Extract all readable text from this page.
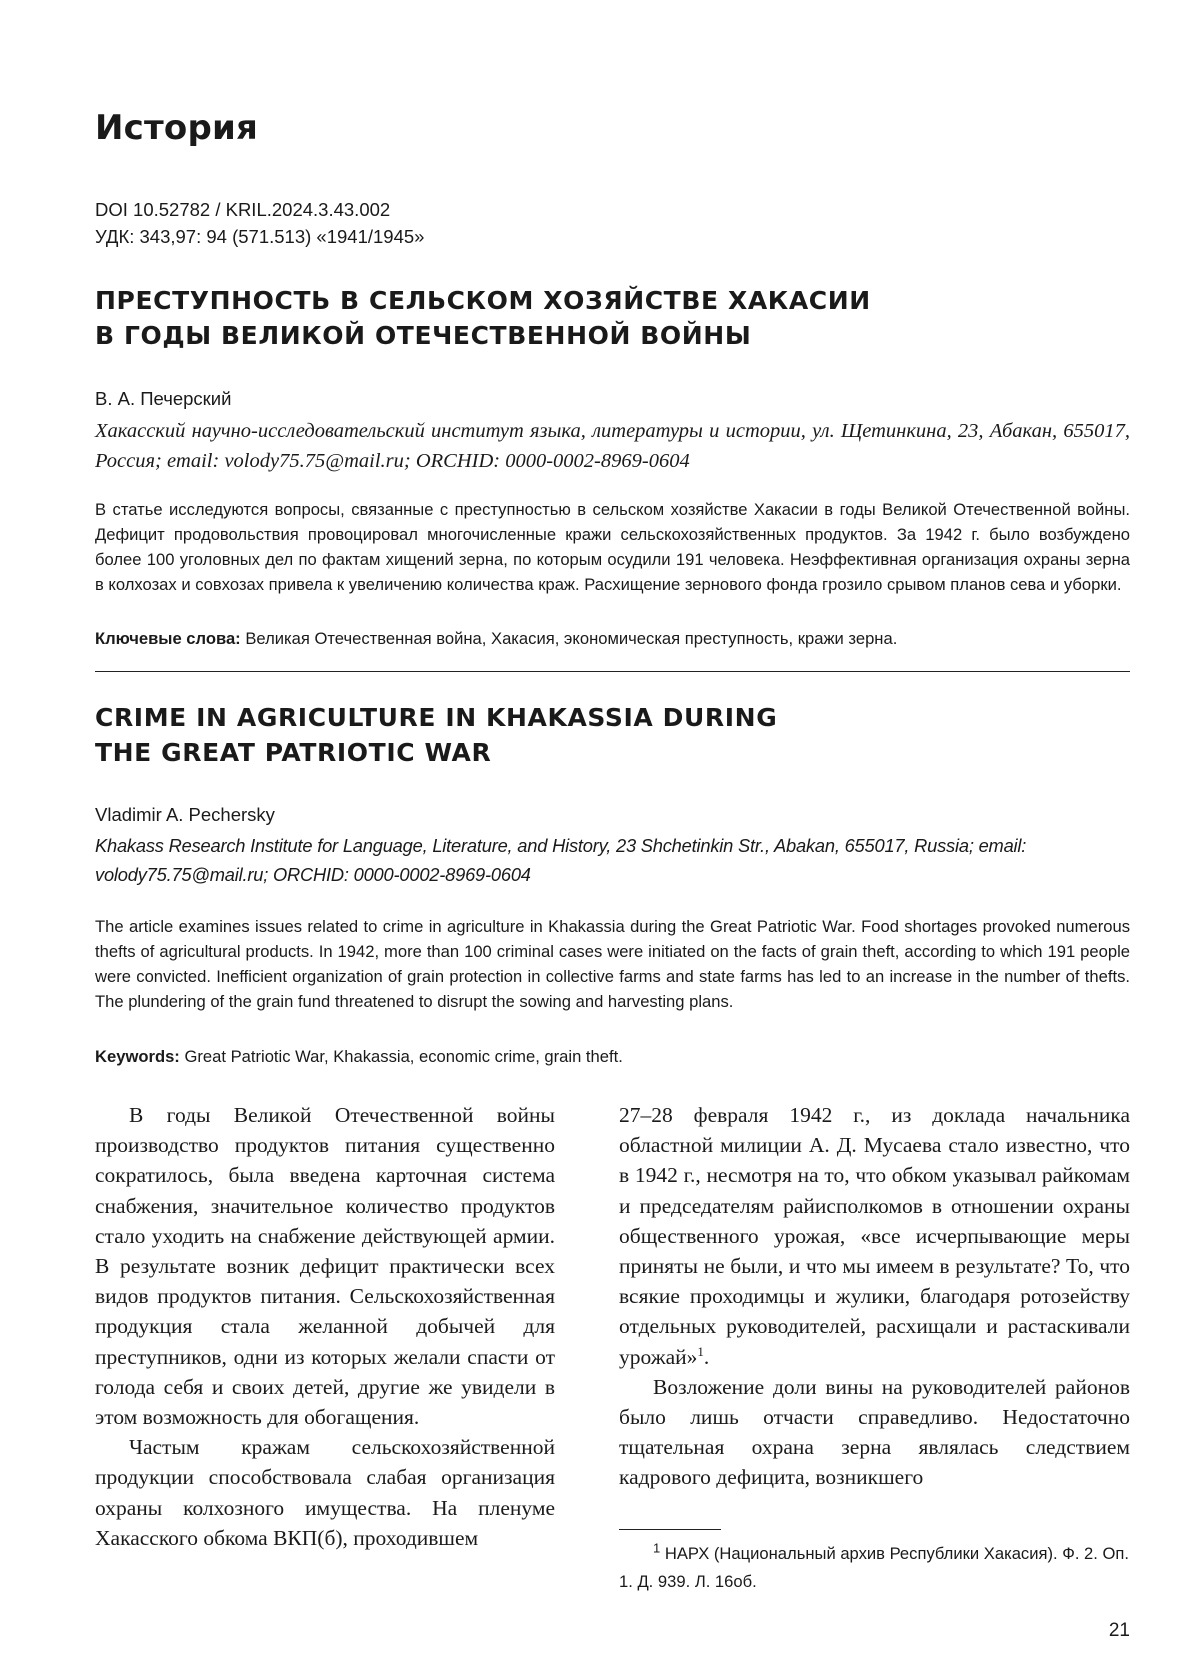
История
DOI 10.52782 / KRIL.2024.3.43.002
УДК: 343,97: 94 (571.513) «1941/1945»
ПРЕСТУПНОСТЬ В СЕЛЬСКОМ ХОЗЯЙСТВЕ ХАКАСИИ
В ГОДЫ ВЕЛИКОЙ ОТЕЧЕСТВЕННОЙ ВОЙНЫ
В. А. Печерский

Хакасский научно-исследовательский институт языка, литературы и истории, ул. Щетинкина, 23, Абакан, 655017, Россия; email: volody75.75@mail.ru; ORCHID: 0000-0002-8969-0604

В статье исследуются вопросы, связанные с преступностью в сельском хозяйстве Хакасии в годы Великой Отечественной войны. Дефицит продовольствия провоцировал многочисленные кражи сельскохозяйственных продуктов. За 1942 г. было возбуждено более 100 уголовных дел по фактам хищений зерна, по которым осудили 191 человека. Неэффективная организация охраны зерна в колхозах и совхозах привела к увеличению количества краж. Расхищение зернового фонда грозило срывом планов сева и уборки.

Ключевые слова: Великая Отечественная война, Хакасия, экономическая преступность, кражи зерна.
CRIME IN AGRICULTURE IN KHAKASSIA DURING
THE GREAT PATRIOTIC WAR
Vladimir A. Pechersky

Khakass Research Institute for Language, Literature, and History, 23 Shchetinkin Str., Abakan, 655017, Russia; email: volody75.75@mail.ru; ORCHID: 0000-0002-8969-0604

The article examines issues related to crime in agriculture in Khakassia during the Great Patriotic War. Food shortages provoked numerous thefts of agricultural products. In 1942, more than 100 criminal cases were initiated on the facts of grain theft, according to which 191 people were convicted. Inefficient organization of grain protection in collective farms and state farms has led to an increase in the number of thefts. The plundering of the grain fund threatened to disrupt the sowing and harvesting plans.

Keywords: Great Patriotic War, Khakassia, economic crime, grain theft.

В годы Великой Отечественной войны производство продуктов питания существенно сократилось, была введена карточная система снабжения, значительное количество продуктов стало уходить на снабжение действующей армии. В результате возник дефицит практически всех видов продуктов питания. Сельскохозяйственная продукция стала желанной добычей для преступников, одни из которых желали спасти от голода себя и своих детей, другие же увидели в этом возможность для обогащения.

Частым кражам сельскохозяйственной продукции способствовала слабая организация охраны колхозного имущества. На пленуме Хакасского обкома ВКП(б), проходившем

27–28 февраля 1942 г., из доклада начальника областной милиции А. Д. Мусаева стало известно, что в 1942 г., несмотря на то, что обком указывал райкомам и председателям райисполкомов в отношении охраны общественного урожая, «все исчерпывающие меры приняты не были, и что мы имеем в результате? То, что всякие проходимцы и жулики, благодаря ротозейству отдельных руководителей, расхищали и растаскивали урожай»$^1$.

Возложение доли вины на руководителей районов было лишь отчасти справедливо. Недостаточно тщательная охрана зерна являлась следствием кадрового дефицита, возникшего

$^1$ НАРХ (Национальный архив Республики Хакасия). Ф. 2. Оп. 1. Д. 939. Л. 16об.

21
